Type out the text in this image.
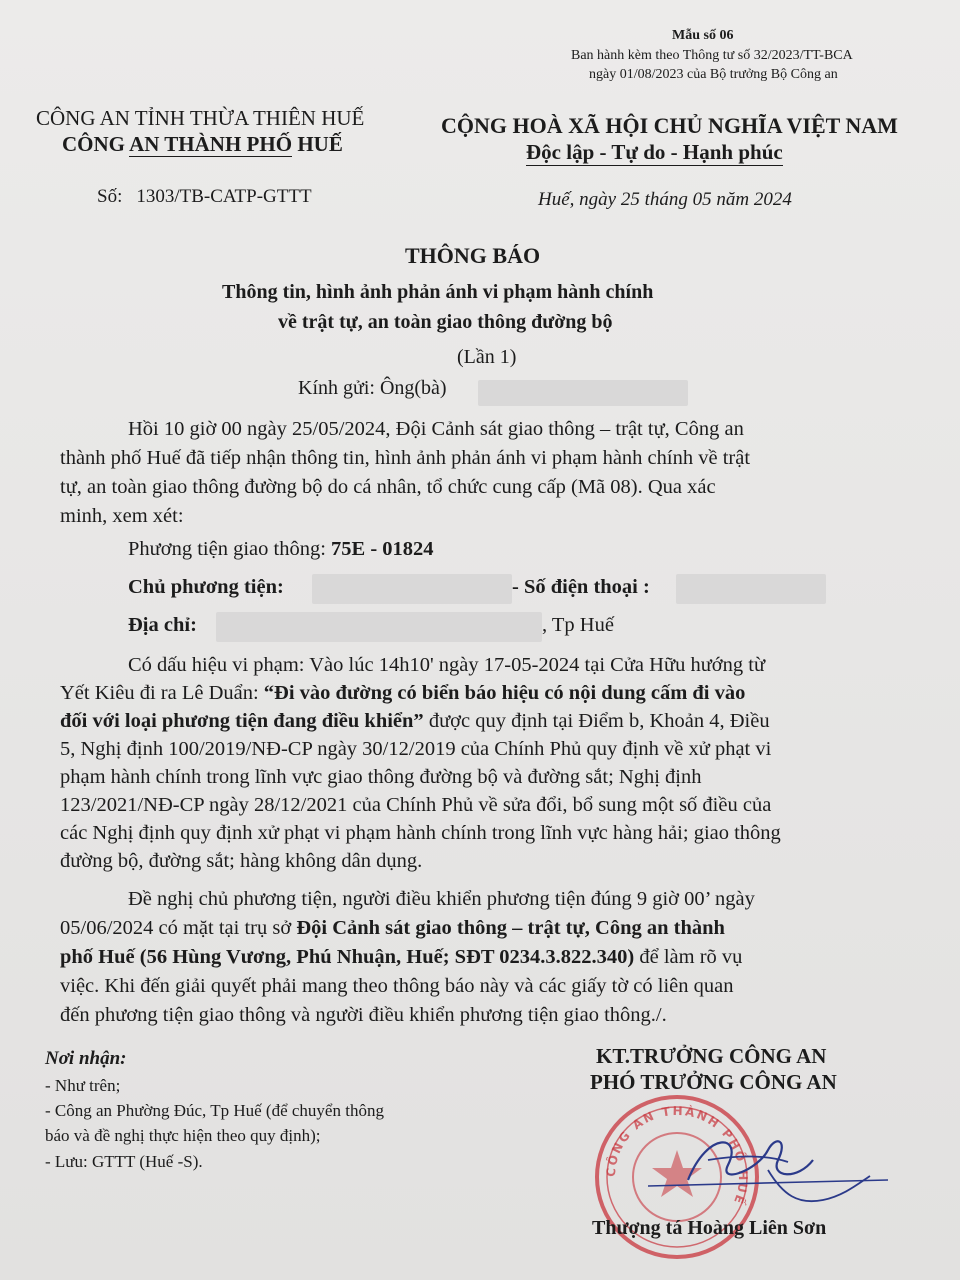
Mẫu số 06
Ban hành kèm theo Thông tư số 32/2023/TT-BCA
ngày 01/08/2023 của Bộ trưởng Bộ Công an
CÔNG AN TỈNH THỪA THIÊN HUẾ
CÔNG AN THÀNH PHỐ HUẾ
CỘNG HOÀ XÃ HỘI CHỦ NGHĨA VIỆT NAM
Độc lập - Tự do - Hạnh phúc
Số: 1303/TB-CATP-GTTT	Huế, ngày 25 tháng 05 năm 2024
THÔNG BÁO
Thông tin, hình ảnh phản ánh vi phạm hành chính
về trật tự, an toàn giao thông đường bộ
(Lần 1)
Kính gửi: Ông(bà)
Hồi 10 giờ 00 ngày 25/05/2024, Đội Cảnh sát giao thông – trật tự, Công an
thành phố Huế đã tiếp nhận thông tin, hình ảnh phản ánh vi phạm hành chính về trật
tự, an toàn giao thông đường bộ do cá nhân, tổ chức cung cấp (Mã 08). Qua xác
minh, xem xét:
Phương tiện giao thông: 75E - 01824
Chủ phương tiện:	- Số điện thoại :
Địa chỉ:	, Tp Huế
Có dấu hiệu vi phạm: Vào lúc 14h10' ngày 17-05-2024 tại Cửa Hữu hướng từ
Yết Kiêu đi ra Lê Duẩn: “Đi vào đường có biển báo hiệu có nội dung cấm đi vào
đối với loại phương tiện đang điều khiển” được quy định tại Điểm b, Khoản 4, Điều
5, Nghị định 100/2019/NĐ-CP ngày 30/12/2019 của Chính Phủ quy định về xử phạt vi
phạm hành chính trong lĩnh vực giao thông đường bộ và đường sắt; Nghị định
123/2021/NĐ-CP ngày 28/12/2021 của Chính Phủ về sửa đổi, bổ sung một số điều của
các Nghị định quy định xử phạt vi phạm hành chính trong lĩnh vực hàng hải; giao thông
đường bộ, đường sắt; hàng không dân dụng.
Đề nghị chủ phương tiện, người điều khiển phương tiện đúng 9 giờ 00’ ngày
05/06/2024 có mặt tại trụ sở Đội Cảnh sát giao thông – trật tự, Công an thành
phố Huế (56 Hùng Vương, Phú Nhuận, Huế; SĐT 0234.3.822.340) để làm rõ vụ
việc. Khi đến giải quyết phải mang theo thông báo này và các giấy tờ có liên quan
đến phương tiện giao thông và người điều khiển phương tiện giao thông./.
Nơi nhận:
- Như trên;
- Công an Phường Đúc, Tp Huế (để chuyển thông
báo và đề nghị thực hiện theo quy định);
- Lưu: GTTT (Huế -S).
KT.TRƯỞNG CÔNG AN
PHÓ TRƯỞNG CÔNG AN
CÔNG AN THÀNH PHỐ HUẾ
Thượng tá Hoàng Liên Sơn
